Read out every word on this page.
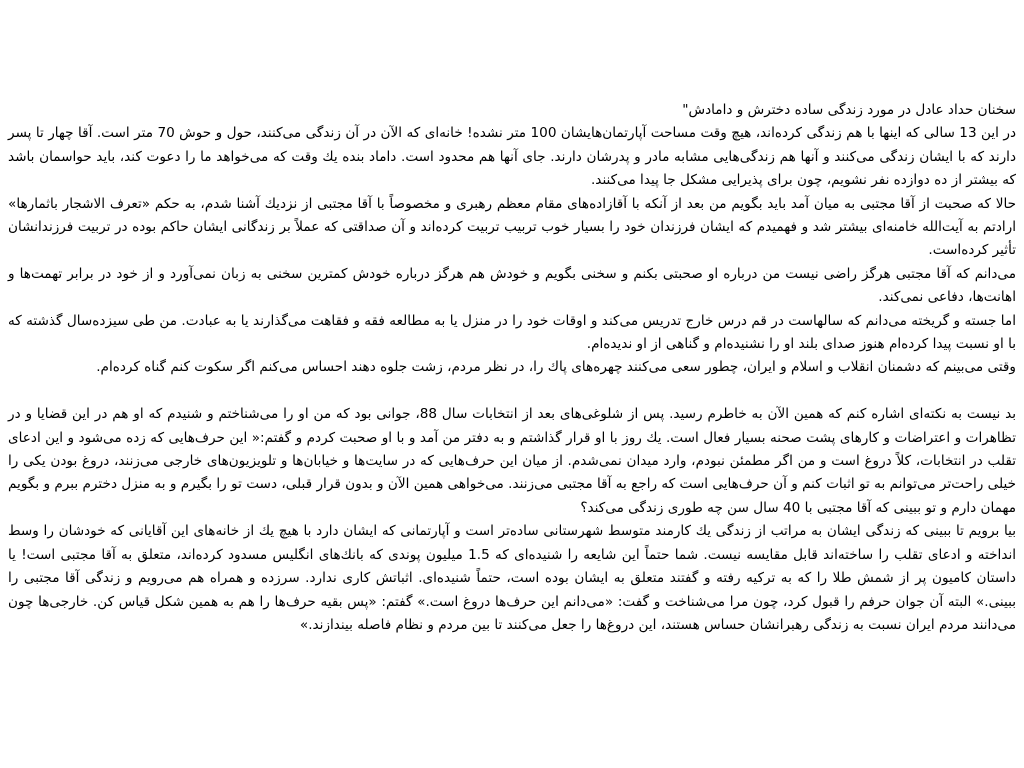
سخنان حداد عادل در مورد زندگی ساده دخترش و دامادش"

در این 13 سالی که اینها با هم زندگی کرده‌اند، هیچ وقت مساحت آپارتمان‌هایشان 100 متر نشده! خانه‌ای که الآن در آن زندگی می‌کنند، حول و حوش 70 متر است. آقا چهار تا پسر دارند که با ایشان زندگی می‌کنند و آنها هم زندگی‌هایی مشابه مادر و پدرشان دارند. جای آنها هم محدود است. داماد بنده یك وقت که می‌خواهد ما را دعوت کند، باید حواسمان باشد که بیشتر از ده دوازده نفر نشویم، چون برای پذیرایی مشکل جا پیدا می‌کنند.

حالا که صحبت از آقا مجتبی به میان آمد باید بگویم من بعد از آنکه با آقازاده‌های مقام معظم رهبری و مخصوصاً با آقا مجتبی از نزدیك آشنا شدم، به حکم «تعرف الاشجار باثمارها» ارادتم به آیت‌الله خامنه‌ای بیشتر شد و فهمیدم که ایشان فرزندان خود را بسیار خوب تربیب تربیت کرده‌اند و آن صداقتی که عملاً بر زندگانی ایشان حاکم بوده در تربیت فرزندانشان تأثیر کرده‌است.

می‌دانم که آقا مجتبی هرگز راضی نیست من درباره او صحبتی بکنم و سخنی بگویم و خودش هم هرگز درباره خودش کمترین سخنی به زبان نمی‌آورد و از خود در برابر تهمت‌ها و اهانت‌ها، دفاعی نمی‌کند.

اما جسته و گریخته می‌دانم که سالهاست در قم درس خارج تدریس می‌کند و اوقات خود را در منزل یا به مطالعه فقه و فقاهت می‌گذارند یا به عبادت. من طی سیزده‌سال گذشته که با او نسبت پیدا کرده‌ام هنوز صدای بلند او را نشنیده‌ام و گناهی از او ندیده‌ام.

وقتی می‌بینم که دشمنان انقلاب و اسلام و ایران، چطور سعی می‌کنند چهره‌های پاك را، در نظر مردم، زشت جلوه دهند احساس می‌کنم اگر سکوت کنم گناه کرده‌ام.

بد نیست به نکته‌ای اشاره کنم که همین الآن به خاطرم رسید. پس از شلوغی‌های بعد از انتخابات سال 88، جوانی بود که من او را می‌شناختم و شنیدم که او هم در این قضایا و در تظاهرات و اعتراضات و کارهای پشت صحنه بسیار فعال است. یك روز با او قرار گذاشتم و به دفتر من آمد و با او صحبت کردم و گفتم:« این حرف‌هایی که زده می‌شود و این ادعای تقلب در انتخابات، کلاً دروغ است و من اگر مطمئن نبودم، وارد میدان نمی‌شدم. از میان این حرف‌هایی که در سایت‌ها و خیابان‌ها و تلویزیون‌های خارجی می‌زنند، دروغ بودن یکی را خیلی راحت‌تر می‌توانم به تو اثبات کنم و آن حرف‌هایی است که راجع به آقا مجتبی می‌زنند. می‌خواهی همین الآن و بدون قرار قبلی، دست تو را بگیرم و به منزل دخترم ببرم و بگویم مهمان دارم و تو ببینی که آقا مجتبی با 40 سال سن چه طوری زندگی می‌کند؟

بیا برویم تا ببینی که زندگی ایشان به مراتب از زندگی یك کارمند متوسط شهرستانی ساده‌تر است و آپارتمانی که ایشان دارد با هیچ یك از خانه‌های این آقایانی که خودشان را وسط انداخته و ادعای تقلب را ساخته‌اند قابل مقایسه نیست. شما حتماً این شایعه را شنیده‌ای که 1.5 میلیون پوندی که بانك‌های انگلیس مسدود کرده‌اند، متعلق به آقا مجتبی است! یا داستان کامیون پر از شمش طلا را که به ترکیه رفته و گفتند متعلق به ایشان بوده است، حتماً شنیده‌ای. اثباتش کاری ندارد. سرزده و همراه هم می‌رویم و زندگی آقا مجتبی را ببینی.» البته آن جوان حرفم را قبول کرد، چون مرا می‌شناخت و گفت: «می‌دانم این حرف‌ها دروغ است.» گفتم: «پس بقیه حرف‌ها را هم به همین شکل قیاس کن. خارجی‌ها چون می‌دانند مردم ایران نسبت به زندگی رهبرانشان حساس هستند، این دروغ‌ها را جعل می‌کنند تا بین مردم و نظام فاصله بیندازند.»
